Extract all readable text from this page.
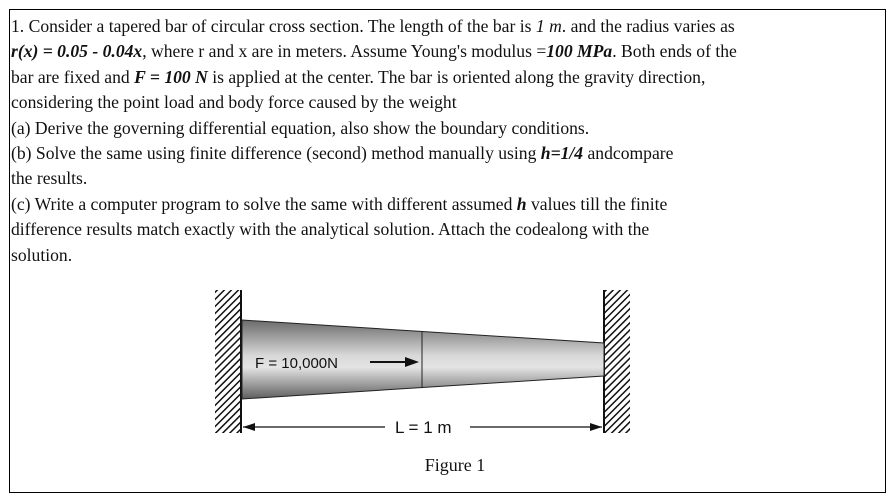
1. Consider a tapered bar of circular cross section. The length of the bar is 1 m. and the radius varies as

r(x) = 0.05 - 0.04x, where r and x are in meters. Assume Young's modulus =100 MPa. Both ends of the

bar are fixed and F = 100 N is applied at the center. The bar is oriented along the gravity direction,

considering the point load and body force caused by the weight

(a) Derive the governing differential equation, also show the boundary conditions.

(b) Solve the same using finite difference (second) method manually using h=1/4 andcompare

the results.

(c) Write a computer program to solve the same with different assumed h values till the finite

difference results match exactly with the analytical solution. Attach the codealong with the

solution.

F = 10,000N
L = 1 m
Figure 1
